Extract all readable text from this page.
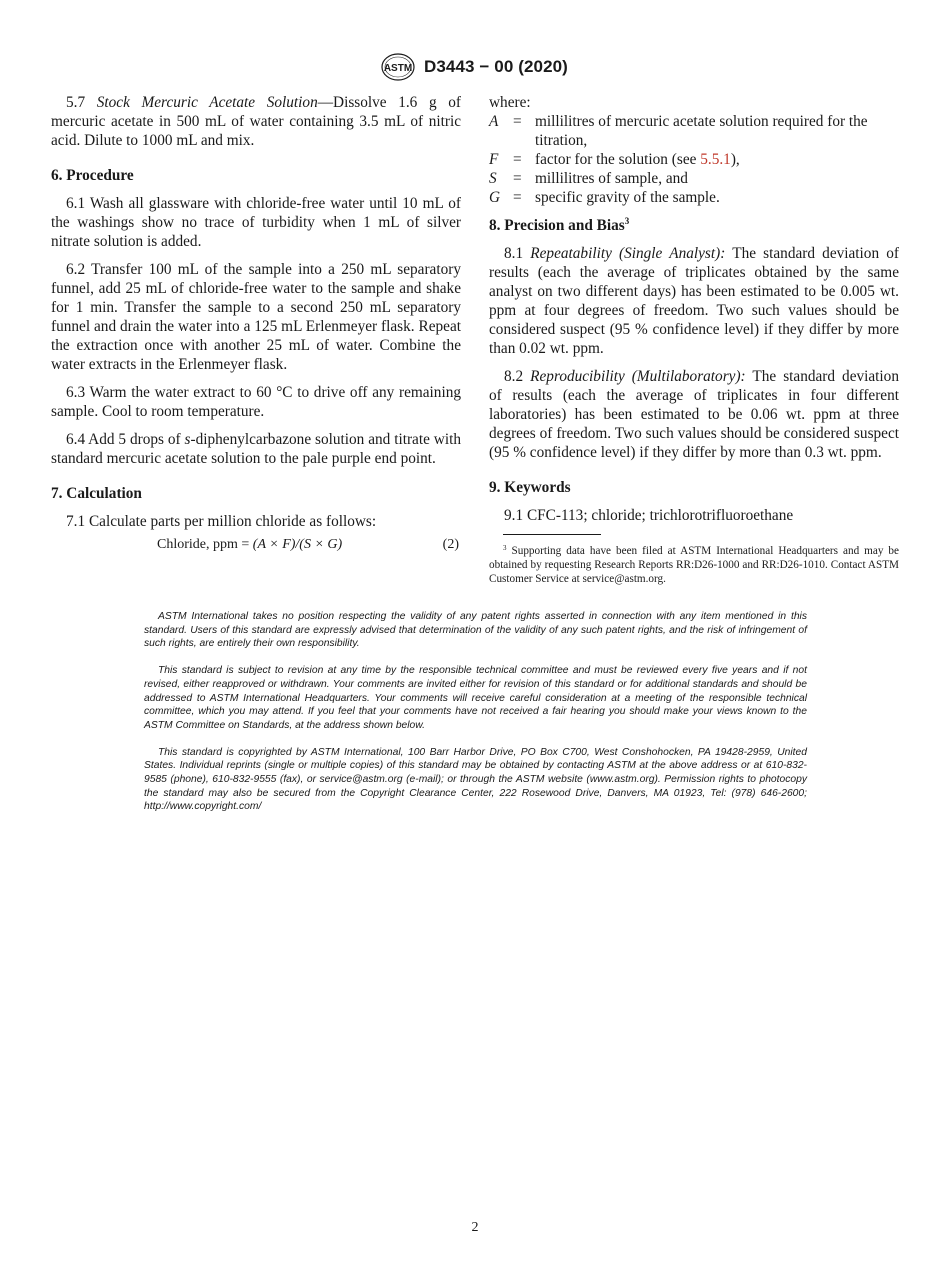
ASTM D3443 − 00 (2020)

5.7 Stock Mercuric Acetate Solution—Dissolve 1.6 g of mercuric acetate in 500 mL of water containing 3.5 mL of nitric acid. Dilute to 1000 mL and mix.

6. Procedure

6.1 Wash all glassware with chloride-free water until 10 mL of the washings show no trace of turbidity when 1 mL of silver nitrate solution is added.

6.2 Transfer 100 mL of the sample into a 250 mL separatory funnel, add 25 mL of chloride-free water to the sample and shake for 1 min. Transfer the sample to a second 250 mL separatory funnel and drain the water into a 125 mL Erlenmeyer flask. Repeat the extraction once with another 25 mL of water. Combine the water extracts in the Erlenmeyer flask.

6.3 Warm the water extract to 60 °C to drive off any remaining sample. Cool to room temperature.

6.4 Add 5 drops of s-diphenylcarbazone solution and titrate with standard mercuric acetate solution to the pale purple end point.

7. Calculation

7.1 Calculate parts per million chloride as follows:

Chloride, ppm = (A × F)/(S × G)	(2)

where:

A = millilitres of mercuric acetate solution required for the titration,
F = factor for the solution (see 5.5.1),
S	= millilitres of sample, and
G = specific gravity of the sample.

8. Precision and Bias$^3$

8.1 Repeatability (Single Analyst): The standard deviation of results (each the average of triplicates obtained by the same analyst on two different days) has been estimated to be 0.005 wt. ppm at four degrees of freedom. Two such values should be considered suspect (95 % confidence level) if they differ by more than 0.02 wt. ppm.

8.2 Reproducibility (Multilaboratory): The standard deviation of results (each the average of triplicates in four different laboratories) has been estimated to be 0.06 wt. ppm at three degrees of freedom. Two such values should be considered suspect (95 % confidence level) if they differ by more than 0.3 wt. ppm.

9. Keywords

9.1 CFC-113; chloride; trichlorotrifluoroethane

$^3$ Supporting data have been filed at ASTM International Headquarters and may be obtained by requesting Research Reports RR:D26-1000 and RR:D26-1010. Contact ASTM Customer Service at service@astm.org.

ASTM International takes no position respecting the validity of any patent rights asserted in connection with any item mentioned in this standard. Users of this standard are expressly advised that determination of the validity of any such patent rights, and the risk of infringement of such rights, are entirely their own responsibility.

This standard is subject to revision at any time by the responsible technical committee and must be reviewed every five years and if not revised, either reapproved or withdrawn. Your comments are invited either for revision of this standard or for additional standards and should be addressed to ASTM International Headquarters. Your comments will receive careful consideration at a meeting of the responsible technical committee, which you may attend. If you feel that your comments have not received a fair hearing you should make your views known to the ASTM Committee on Standards, at the address shown below.

This standard is copyrighted by ASTM International, 100 Barr Harbor Drive, PO Box C700, West Conshohocken, PA 19428-2959, United States. Individual reprints (single or multiple copies) of this standard may be obtained by contacting ASTM at the above address or at 610-832-9585 (phone), 610-832-9555 (fax), or service@astm.org (e-mail); or through the ASTM website (www.astm.org). Permission rights to photocopy the standard may also be secured from the Copyright Clearance Center, 222 Rosewood Drive, Danvers, MA 01923, Tel: (978) 646-2600; http://www.copyright.com/

2
